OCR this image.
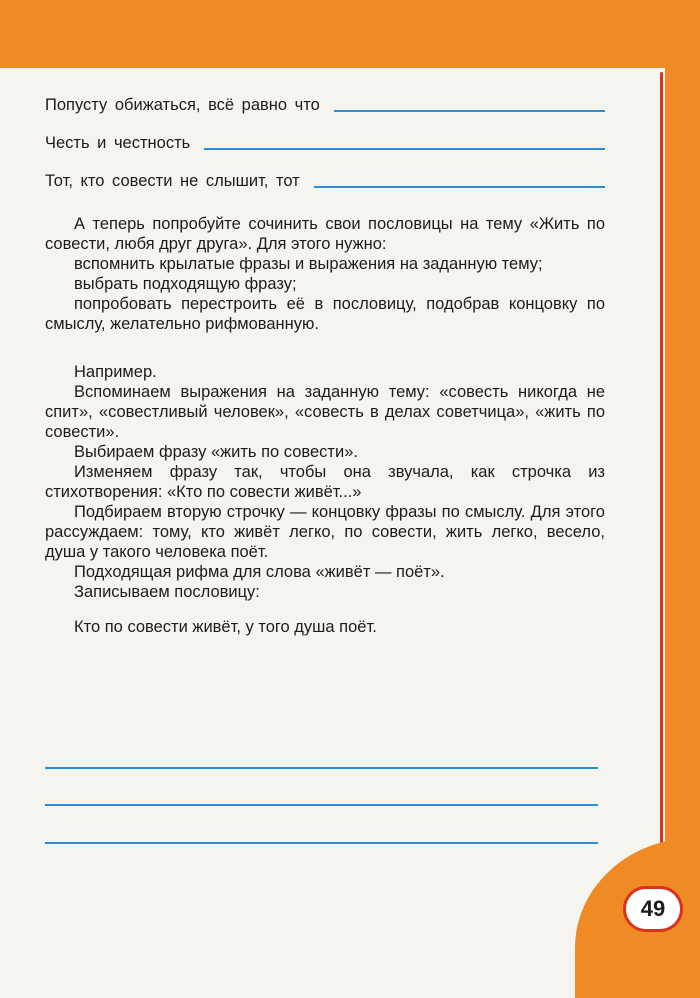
49
Попусту обижаться, всё равно что
Честь и честность
Тот, кто совести не слышит, тот

А теперь попробуйте сочинить свои пословицы на тему «Жить по совести, любя друг друга». Для этого нужно:

вспомнить крылатые фразы и выражения на заданную тему;

выбрать подходящую фразу;

попробовать перестроить её в пословицу, подобрав концовку по смыслу, желательно рифмованную.

Например.

Вспоминаем выражения на заданную тему: «совесть никогда не спит», «совестливый человек», «совесть в делах советчица», «жить по совести».

Выбираем фразу «жить по совести».

Изменяем фразу так, чтобы она звучала, как строчка из стихотворения: «Кто по совести живёт...»

Подбираем вторую строчку — концовку фразы по смыслу. Для этого рассуждаем: тому, кто живёт легко, по совести, жить легко, весело, душа у такого человека поёт.

Подходящая рифма для слова «живёт — поёт».

Записываем пословицу:

Кто по совести живёт, у того душа поёт.
